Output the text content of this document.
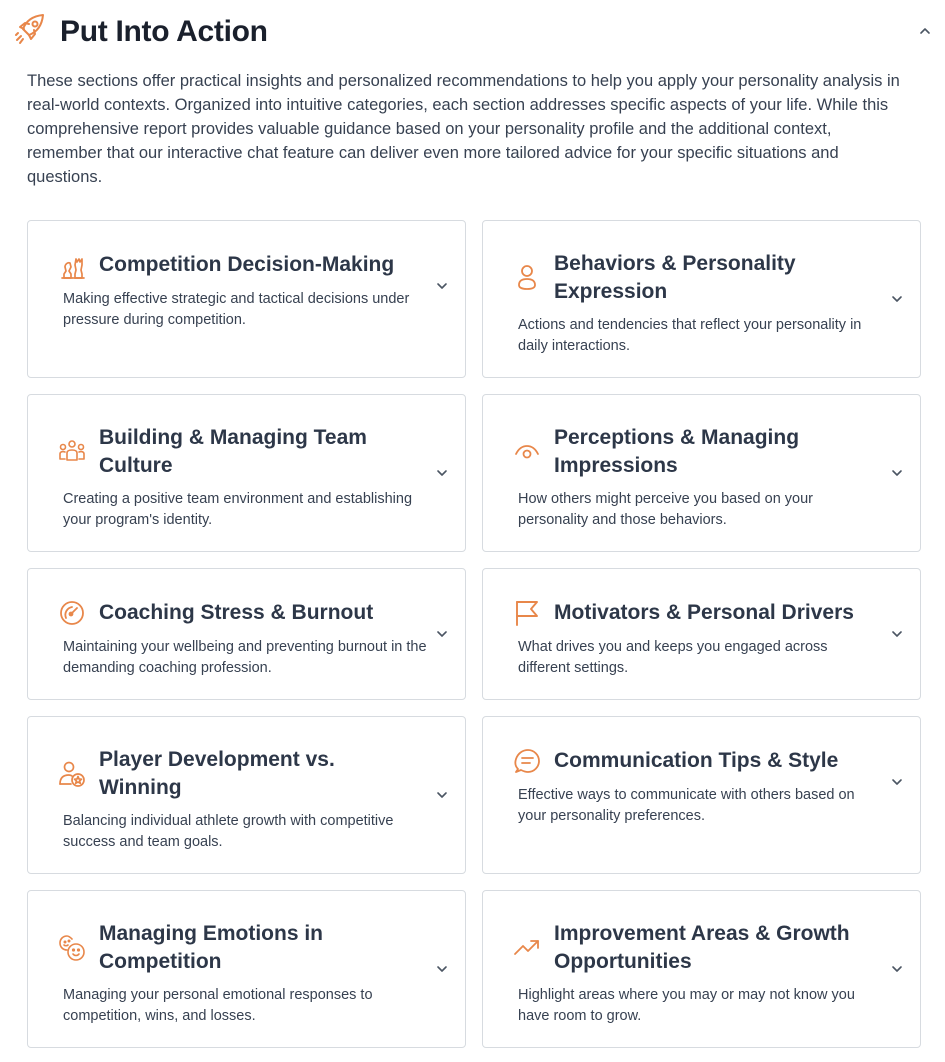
Put Into Action

These sections offer practical insights and personalized recommendations to help you apply your personality analysis in real-world contexts. Organized into intuitive categories, each section addresses specific aspects of your life. While this comprehensive report provides valuable guidance based on your personality profile and the additional context, remember that our interactive chat feature can deliver even more tailored advice for your specific situations and questions.

Competition Decision-Making
Making effective strategic and tactical decisions under pressure during competition.
Behaviors & Personality Expression
Actions and tendencies that reflect your personality in daily interactions.
Building & Managing Team Culture
Creating a positive team environment and establishing your program's identity.
Perceptions & Managing Impressions
How others might perceive you based on your personality and those behaviors.
Coaching Stress & Burnout
Maintaining your wellbeing and preventing burnout in the demanding coaching profession.
Motivators & Personal Drivers
What drives you and keeps you engaged across different settings.
Player Development vs. Winning
Balancing individual athlete growth with competitive success and team goals.
Communication Tips & Style
Effective ways to communicate with others based on your personality preferences.
Managing Emotions in Competition
Managing your personal emotional responses to competition, wins, and losses.
Improvement Areas & Growth Opportunities
Highlight areas where you may or may not know you have room to grow.
